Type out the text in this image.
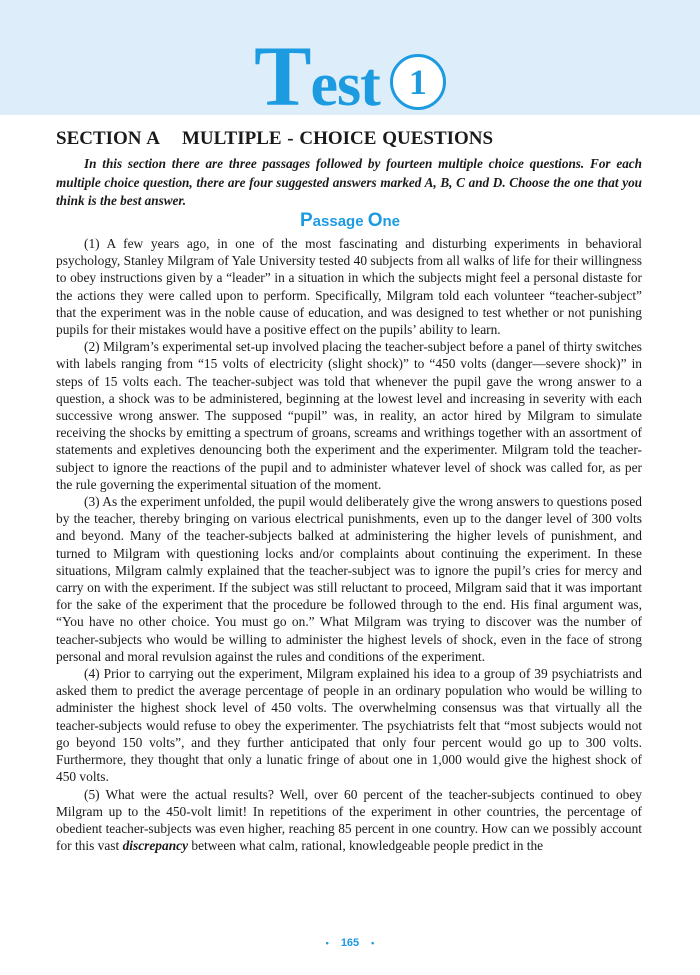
Test 1
SECTION A MULTIPLE - CHOICE QUESTIONS

In this section there are three passages followed by fourteen multiple choice questions. For each multiple choice question, there are four suggested answers marked A, B, C and D. Choose the one that you think is the best answer.

Passage One

(1) A few years ago, in one of the most fascinating and disturbing experiments in behavioral psychology, Stanley Milgram of Yale University tested 40 subjects from all walks of life for their willingness to obey instructions given by a “leader” in a situation in which the subjects might feel a personal distaste for the actions they were called upon to perform. Specifically, Milgram told each volunteer “teacher-subject” that the experiment was in the noble cause of education, and was designed to test whether or not punishing pupils for their mistakes would have a positive effect on the pupils’ ability to learn.

(2) Milgram’s experimental set-up involved placing the teacher-subject before a panel of thirty switches with labels ranging from “15 volts of electricity (slight shock)” to “450 volts (danger—severe shock)” in steps of 15 volts each. The teacher-subject was told that whenever the pupil gave the wrong answer to a question, a shock was to be administered, beginning at the lowest level and increasing in severity with each successive wrong answer. The supposed “pupil” was, in reality, an actor hired by Milgram to simulate receiving the shocks by emitting a spectrum of groans, screams and writhings together with an assortment of statements and expletives denouncing both the experiment and the experimenter. Milgram told the teacher-subject to ignore the reactions of the pupil and to administer whatever level of shock was called for, as per the rule governing the experimental situation of the moment.

(3) As the experiment unfolded, the pupil would deliberately give the wrong answers to questions posed by the teacher, thereby bringing on various electrical punishments, even up to the danger level of 300 volts and beyond. Many of the teacher-subjects balked at administering the higher levels of punishment, and turned to Milgram with questioning locks and/or complaints about continuing the experiment. In these situations, Milgram calmly explained that the teacher-subject was to ignore the pupil’s cries for mercy and carry on with the experiment. If the subject was still reluctant to proceed, Milgram said that it was important for the sake of the experiment that the procedure be followed through to the end. His final argument was, “You have no other choice. You must go on.” What Milgram was trying to discover was the number of teacher-subjects who would be willing to administer the highest levels of shock, even in the face of strong personal and moral revulsion against the rules and conditions of the experiment.

(4) Prior to carrying out the experiment, Milgram explained his idea to a group of 39 psychiatrists and asked them to predict the average percentage of people in an ordinary population who would be willing to administer the highest shock level of 450 volts. The overwhelming consensus was that virtually all the teacher-subjects would refuse to obey the experimenter. The psychiatrists felt that “most subjects would not go beyond 150 volts”, and they further anticipated that only four percent would go up to 300 volts. Furthermore, they thought that only a lunatic fringe of about one in 1,000 would give the highest shock of 450 volts.

(5) What were the actual results? Well, over 60 percent of the teacher-subjects continued to obey Milgram up to the 450-volt limit! In repetitions of the experiment in other countries, the percentage of obedient teacher-subjects was even higher, reaching 85 percent in one country. How can we possibly account for this vast discrepancy between what calm, rational, knowledgeable people predict in the

• 165 •
